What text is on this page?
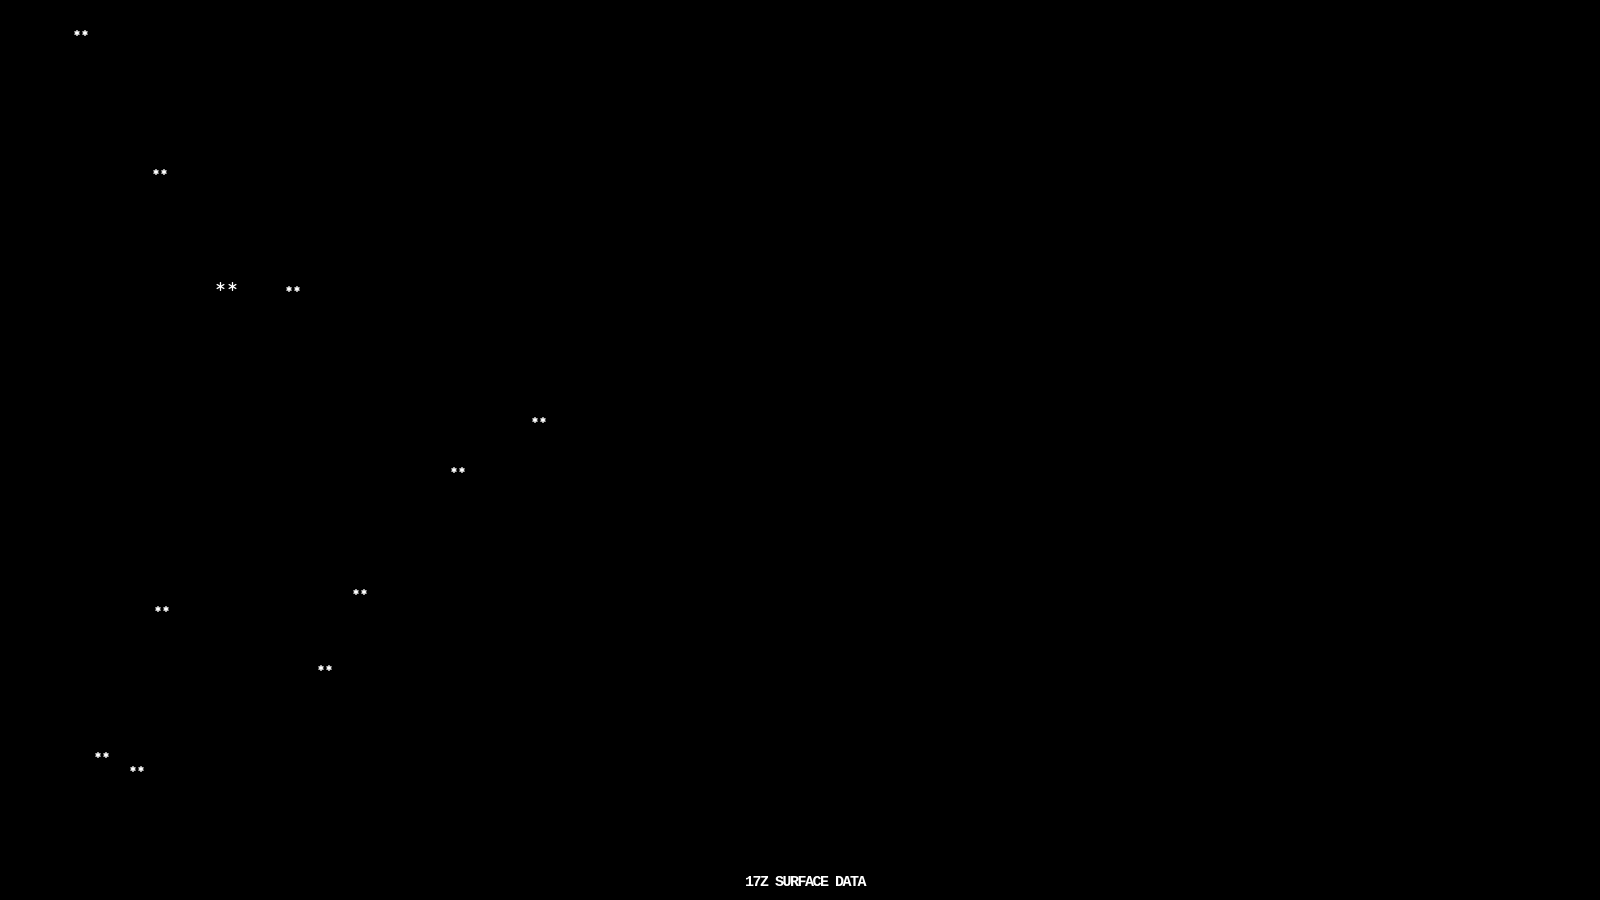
17Z SURFACE DATA
